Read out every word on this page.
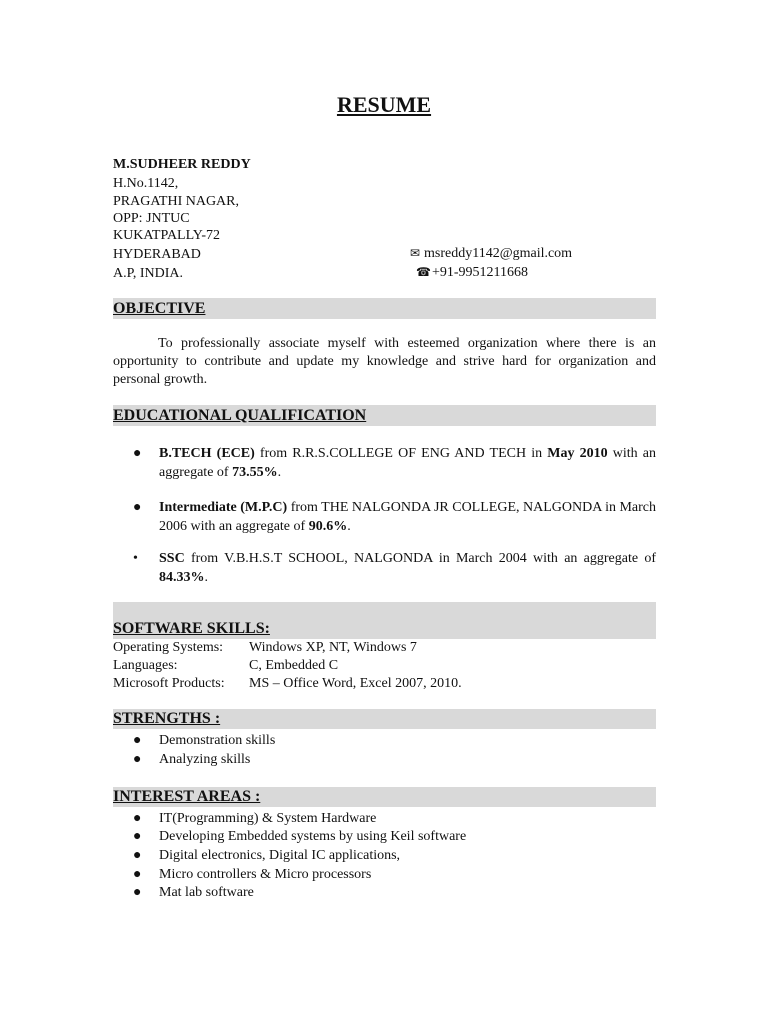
RESUME
M.SUDHEER REDDY
H.No.1142,
PRAGATHI NAGAR,
OPP: JNTUC
KUKATPALLY-72
HYDERABAD
A.P, INDIA.
✉ msreddy1142@gmail.com
☎+91-9951211668
OBJECTIVE
To professionally associate myself with esteemed organization where there is an opportunity to contribute and update my knowledge and strive hard for organization and personal growth.
EDUCATIONAL QUALIFICATION
● B.TECH (ECE) from R.R.S.COLLEGE OF ENG AND TECH in May 2010 with an aggregate of 73.55%.
● Intermediate (M.P.C) from THE NALGONDA JR COLLEGE, NALGONDA in March 2006 with an aggregate of 90.6%.
• SSC from V.B.H.S.T SCHOOL, NALGONDA in March 2004 with an aggregate of 84.33%.
SOFTWARE SKILLS:
Operating Systems: Windows XP, NT, Windows 7
Languages:	C, Embedded C
Microsoft Products: MS – Office Word, Excel 2007, 2010.
STRENGTHS :
● Demonstration skills
● Analyzing skills
INTEREST AREAS :
● IT(Programming) & System Hardware
● Developing Embedded systems by using Keil software
● Digital electronics, Digital IC applications,
● Micro controllers & Micro processors
● Mat lab software
